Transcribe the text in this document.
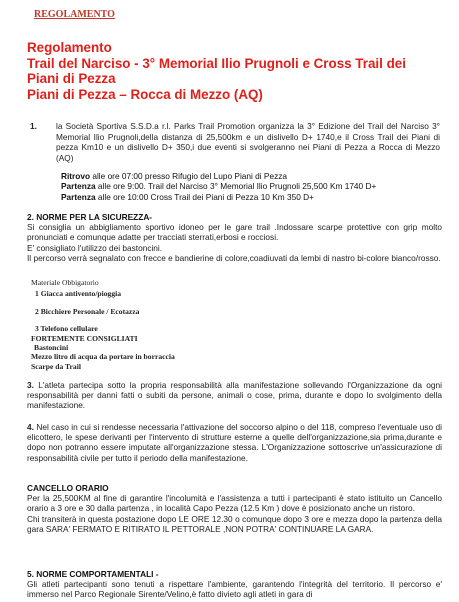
REGOLAMENTO
Regolamento
Trail del Narciso - 3° Memorial Ilio Prugnoli e Cross Trail dei
Piani di Pezza
Piani di Pezza – Rocca di Mezzo (AQ)
1. la Società Sportiva S.S.D.a r.l. Parks Trail Promotion organizza la 3° Edizione del Trail del Narciso 3° Memorial Ilio Prugnoli,della distanza di 25,500km e un dislivello D+ 1740,e il Cross Trail dei Piani di pezza Km10 e un dislivello D+ 350,i due eventi si svolgeranno nei Piani di Pezza a Rocca di Mezzo (AQ)
Ritrovo alle ore 07:00 presso Rifugio del Lupo Piani di Pezza
Partenza alle ore 9:00. Trail del Narciso 3° Memorial Ilio Prugnoli 25,500 Km 1740 D+
Partenza alle ore 10:00 Cross Trail dei Piani di Pezza 10 Km 350 D+
2. NORME PER LA SICUREZZA-
Si consiglia un abbigliamento sportivo idoneo per le gare trail .Indossare scarpe protettive con grip molto pronunciati e comunque adatte per tracciati sterrati,erbosi e rocciosi.
E' consigliato l'utilizzo dei bastoncini.
Il percorso verrà segnalato con frecce e bandierine di colore,coadiuvati da lembi di nastro bi-colore bianco/rosso.
Materiale Obbigatorio
1 Giacca antivento/pioggia
2 Bicchiere Personale / Ecotazza
3 Telefono cellulare
FORTEMENTE CONSIGLIATI
Bastoncini
Mezzo litro di acqua da portare in borraccia
Scarpe da Trail
3. L'atleta partecipa sotto la propria responsabilità alla manifestazione sollevando l'Organizzazione da ogni responsabilità per danni fatti o subiti da persone, animali o cose, prima, durante e dopo lo svolgimento della manifestazione.
4. Nel caso in cui si rendesse necessaria l'attivazione del soccorso alpino o del 118, compreso l'eventuale uso di elicottero, le spese derivanti per l'intervento di strutture esterne a quelle dell'organizzazione,sia prima,durante e dopo non potranno essere imputate all'organizzazione stessa. L'Organizzazione sottoscrive un'assicurazione di responsabilità civile per tutto il periodo della manifestazione.
CANCELLO ORARIO
Per la 25,500KM al fine di garantire l'incolumità e l'assistenza a tutti i partecipanti è stato istituito un Cancello orario a 3 ore e 30 dalla partenza , in località Capo Pezza (12.5 Km ) dove è posizionato anche un ristoro.
Chi transiterà in questa postazione dopo LE ORE 12.30 o comunque dopo 3 ore e mezza dopo la partenza della gara SARA' FERMATO E RITIRATO IL PETTORALE ,NON POTRA' CONTINUARE LA GARA.
5. NORME COMPORTAMENTALI -
Gli atleti partecipanti sono tenuti a rispettare l'ambiente, garantendo l'integrità del territorio. Il percorso e' immerso nel Parco Regionale Sirente/Velino,è fatto divieto agli atleti in gara di
